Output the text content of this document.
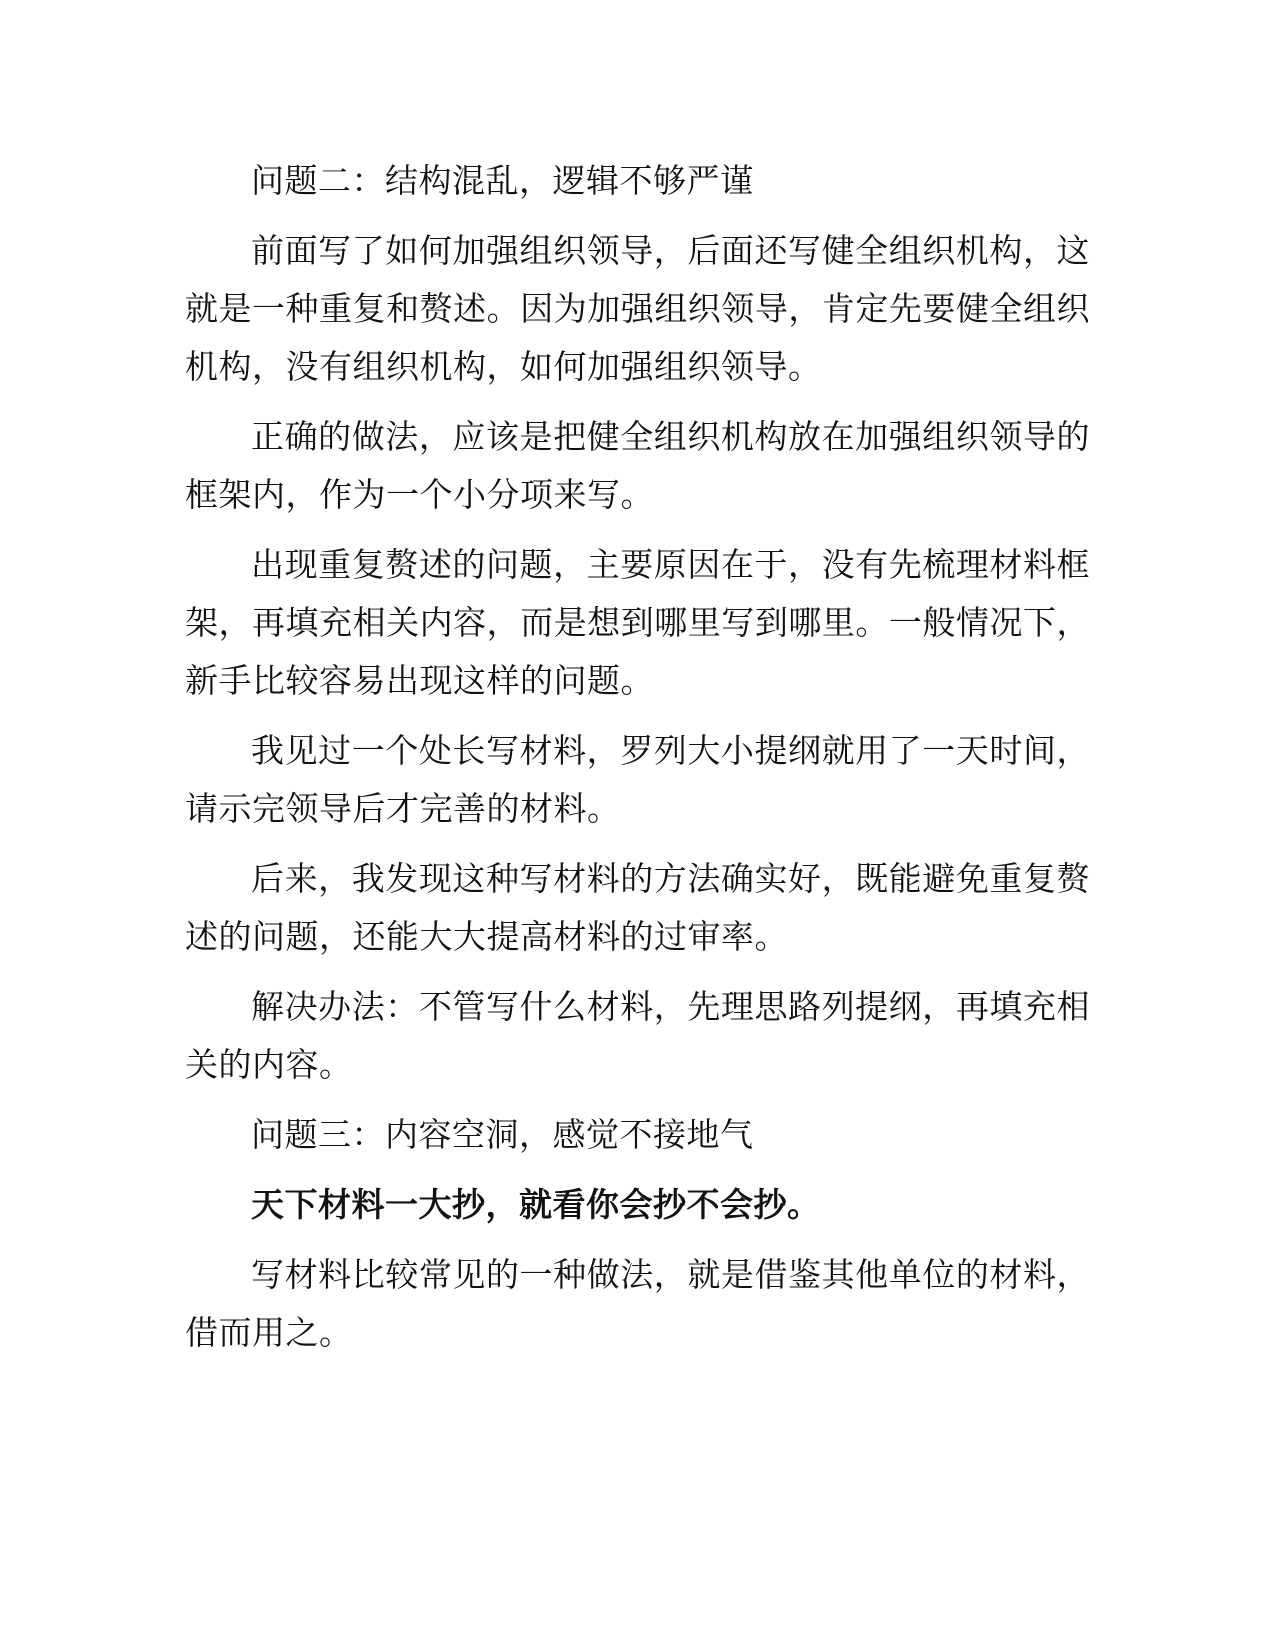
问题二：结构混乱，逻辑不够严谨

前面写了如何加强组织领导，后面还写健全组织机构，这就是一种重复和赘述。因为加强组织领导，肯定先要健全组织机构，没有组织机构，如何加强组织领导。

正确的做法，应该是把健全组织机构放在加强组织领导的框架内，作为一个小分项来写。

出现重复赘述的问题，主要原因在于，没有先梳理材料框架，再填充相关内容，而是想到哪里写到哪里。一般情况下，新手比较容易出现这样的问题。

我见过一个处长写材料，罗列大小提纲就用了一天时间，请示完领导后才完善的材料。

后来，我发现这种写材料的方法确实好，既能避免重复赘述的问题，还能大大提高材料的过审率。

解决办法：不管写什么材料，先理思路列提纲，再填充相关的内容。

问题三：内容空洞，感觉不接地气

天下材料一大抄，就看你会抄不会抄。

写材料比较常见的一种做法，就是借鉴其他单位的材料，借而用之。
